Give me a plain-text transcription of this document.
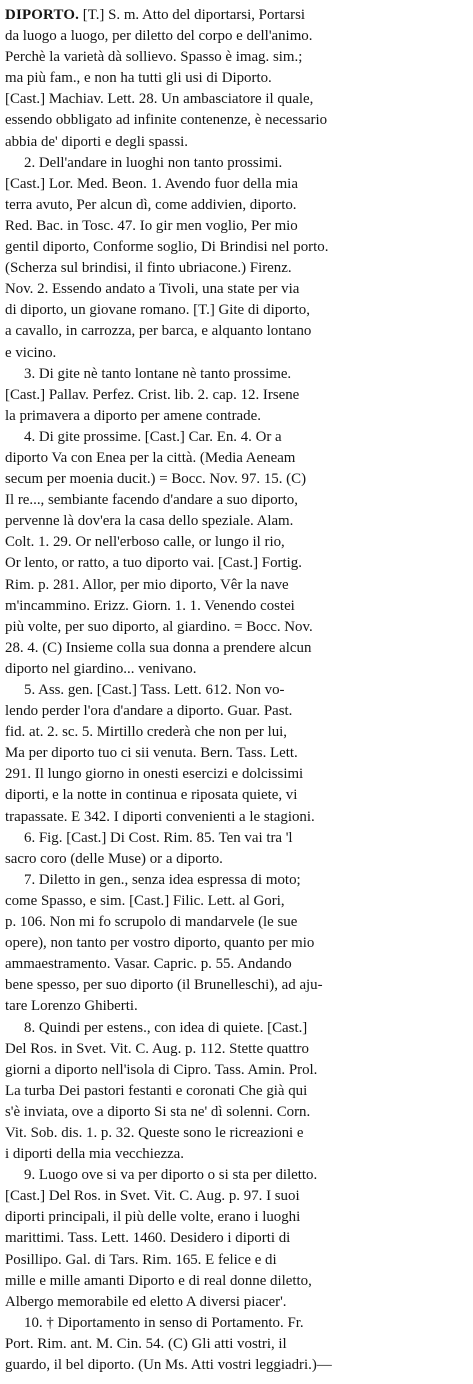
DIPORTO. [T.] S. m. Atto del diportarsi, Portarsi
da luogo a luogo, per diletto del corpo e dell'animo.
Perchè la varietà dà sollievo. Spasso è imag. sim.;
ma più fam., e non ha tutti gli usi di Diporto.
[Cast.] Machiav. Lett. 28. Un ambasciatore il quale,
essendo obbligato ad infinite contenenze, è necessario
abbia de' diporti e degli spassi.
2. Dell'andare in luoghi non tanto prossimi.
[Cast.] Lor. Med. Beon. 1. Avendo fuor della mia
terra avuto, Per alcun dì, come addivien, diporto.
Red. Bac. in Tosc. 47. Io gir men voglio, Per mio
gentil diporto, Conforme soglio, Di Brindisi nel porto.
(Scherza sul brindisi, il finto ubriacone.) Firenz.
Nov. 2. Essendo andato a Tivoli, una state per via
di diporto, un giovane romano. [T.] Gite di diporto,
a cavallo, in carrozza, per barca, e alquanto lontano
e vicino.
3. Di gite nè tanto lontane nè tanto prossime.
[Cast.] Pallav. Perfez. Crist. lib. 2. cap. 12. Irsene
la primavera a diporto per amene contrade.
4. Di gite prossime. [Cast.] Car. En. 4. Or a
diporto Va con Enea per la città. (Media Aeneam
secum per moenia ducit.) = Bocc. Nov. 97. 15. (C)
Il re..., sembiante facendo d'andare a suo diporto,
pervenne là dov'era la casa dello speziale. Alam.
Colt. 1. 29. Or nell'erboso calle, or lungo il rio,
Or lento, or ratto, a tuo diporto vai. [Cast.] Fortig.
Rim. p. 281. Allor, per mio diporto, Vêr la nave
m'incammino. Erizz. Giorn. 1. 1. Venendo costei
più volte, per suo diporto, al giardino. = Bocc. Nov.
28. 4. (C) Insieme colla sua donna a prendere alcun
diporto nel giardino... venivano.
5. Ass. gen. [Cast.] Tass. Lett. 612. Non vo-
lendo perder l'ora d'andare a diporto. Guar. Past.
fid. at. 2. sc. 5. Mirtillo crederà che non per lui,
Ma per diporto tuo ci sii venuta. Bern. Tass. Lett.
291. Il lungo giorno in onesti esercizi e dolcissimi
diporti, e la notte in continua e riposata quiete, vi
trapassate. E 342. I diporti convenienti a le stagioni.
6. Fig. [Cast.] Di Cost. Rim. 85. Ten vai tra 'l
sacro coro (delle Muse) or a diporto.
7. Diletto in gen., senza idea espressa di moto;
come Spasso, e sim. [Cast.] Filic. Lett. al Gori,
p. 106. Non mi fo scrupolo di mandarvele (le sue
opere), non tanto per vostro diporto, quanto per mio
ammaestramento. Vasar. Capric. p. 55. Andando
bene spesso, per suo diporto (il Brunelleschi), ad aju-
tare Lorenzo Ghiberti.
8. Quindi per estens., con idea di quiete. [Cast.]
Del Ros. in Svet. Vit. C. Aug. p. 112. Stette quattro
giorni a diporto nell'isola di Cipro. Tass. Amin. Prol.
La turba Dei pastori festanti e coronati Che già qui
s'è inviata, ove a diporto Si sta ne' dì solenni. Corn.
Vit. Sob. dis. 1. p. 32. Queste sono le ricreazioni e
i diporti della mia vecchiezza.
9. Luogo ove si va per diporto o si sta per diletto.
[Cast.] Del Ros. in Svet. Vit. C. Aug. p. 97. I suoi
diporti principali, il più delle volte, erano i luoghi
marittimi. Tass. Lett. 1460. Desidero i diporti di
Posillipo. Gal. di Tars. Rim. 165. E felice e di
mille e mille amanti Diporto e di real donne diletto,
Albergo memorabile ed eletto A diversi piacer'.
10. † Diportamento in senso di Portamento. Fr.
Port. Rim. ant. M. Cin. 54. (C) Gli atti vostri, il
guardo, il bel diporto. (Un Ms. Atti vostri leggiadri.)—
